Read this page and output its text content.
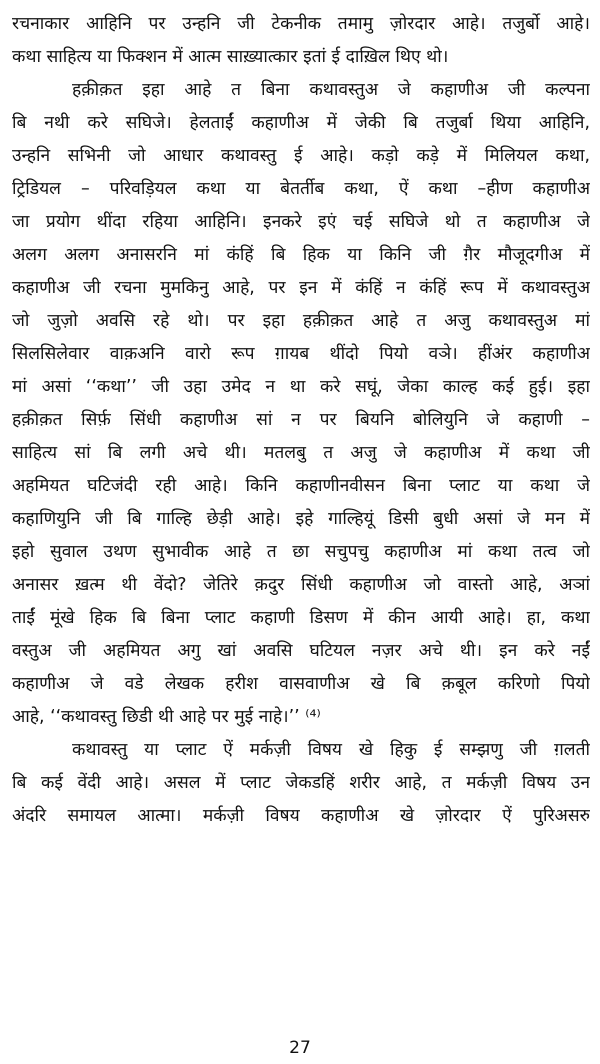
रचनाकार आहिनि पर उन्हनि जी टेकनीक तमामु ज़ोरदार आहे। तजुर्बो आहे।
कथा साहित्य या फिक्शन में आत्म साख़्यात्कार इतां ई दाख़िल थिए थो।
हक़ीक़त इहा आहे त बिना कथावस्तुअ जे कहाणीअ जी कल्पना
बि नथी करे सघिजे। हेलताईं कहाणीअ में जेकी बि तजुर्बा थिया आहिनि,
उन्हनि सभिनी जो आधार कथावस्तु ई आहे। कड़ो कड़े में मिलियल कथा,
ट्रिडियल – परिवड़ियल कथा या बेतर्तीब कथा, ऐं कथा –हीण कहाणीअ
जा प्रयोग थींदा रहिया आहिनि। इनकरे इएं चई सघिजे थो त कहाणीअ जे
अलग अलग अनासरनि मां कंहिं बि हिक या किनि जी ग़ैर मौजूदगीअ में
कहाणीअ जी रचना मुमकिनु आहे, पर इन में कंहिं न कंहिं रूप में कथावस्तुअ
जो जुज़ो अवसि रहे थो। पर इहा हक़ीक़त आहे त अजु कथावस्तुअ मां
सिलसिलेवार वाक़अनि वारो रूप ग़ायब थींदो पियो वञे। हींअंर कहाणीअ
मां असां ‘‘कथा’’ जी उहा उमेद न था करे सघूं, जेका काल्ह कई हुई। इहा
हक़ीक़त सिर्फ़ सिंधी कहाणीअ सां न पर बियनि बोलियुनि जे कहाणी –
साहित्य सां बि लगी अचे थी। मतलबु त अजु जे कहाणीअ में कथा जी
अहमियत घटिजंदी रही आहे। किनि कहाणीनवीसन बिना प्लाट या कथा जे
कहाणियुनि जी बि गाल्हि छेड़ी आहे। इहे गाल्हियूं डिसी बुधी असां जे मन में
इहो सुवाल उथण सुभावीक आहे त छा सचुपचु कहाणीअ मां कथा तत्व जो
अनासर ख़त्म थी वेंदो? जेतिरे क़दुर सिंधी कहाणीअ जो वास्तो आहे, अञां
ताईं मूंखे हिक बि बिना प्लाट कहाणी डिसण में कीन आयी आहे। हा, कथा
वस्तुअ जी अहमियत अगु खां अवसि घटियल नज़र अचे थी। इन करे नईं
कहाणीअ जे वडे लेखक हरीश वासवाणीअ खे बि क़बूल करिणो पियो
आहे, ‘‘कथावस्तु छिडी थी आहे पर मुई नाहे।’’ ⁽⁴⁾
कथावस्तु या प्लाट ऐं मर्कज़ी विषय खे हिकु ई सम्झणु जी ग़लती
बि कई वेंदी आहे। असल में प्लाट जेकडहिं शरीर आहे, त मर्कज़ी विषय उन
अंदरि समायल आत्मा। मर्कज़ी विषय कहाणीअ खे ज़ोरदार ऐं पुरिअसरु
27
